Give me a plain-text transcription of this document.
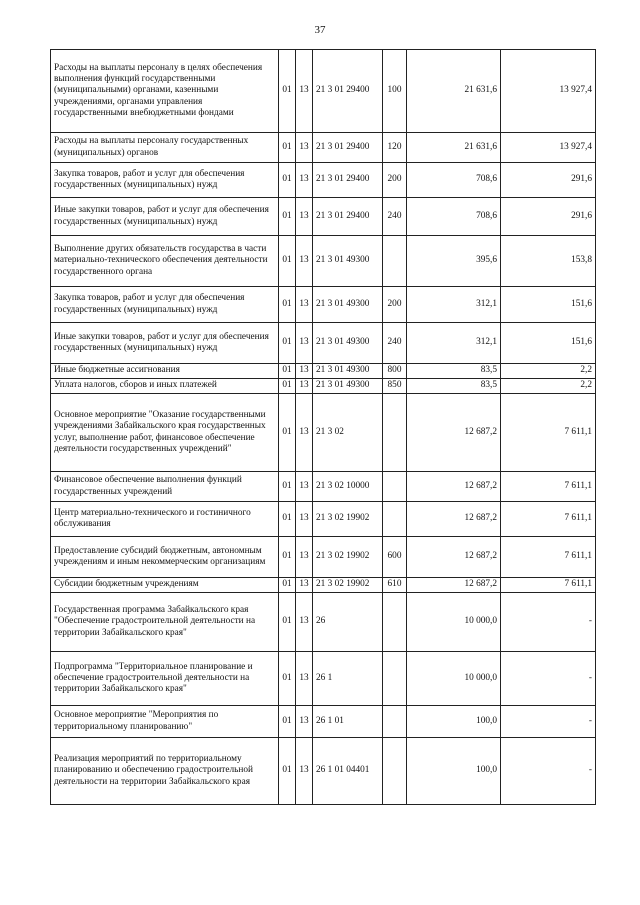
37
Расходы на выплаты персоналу в целях обеспечения выполнения функций государственными (муниципальными) органами, казенными учреждениями, органами управления государственными внебюджетными фондами	01	13	21 3 01 29400	100	21 631,6	13 927,4
Расходы на выплаты персоналу государственных (муниципальных) органов	01	13	21 3 01 29400	120	21 631,6	13 927,4
Закупка товаров, работ и услуг для обеспечения государственных (муниципальных) нужд	01	13	21 3 01 29400	200	708,6	291,6
Иные закупки товаров, работ и услуг для обеспечения государственных (муниципальных) нужд	01	13	21 3 01 29400	240	708,6	291,6
Выполнение других обязательств государства в части материально-технического обеспечения деятельности государственного органа	01	13	21 3 01 49300		395,6	153,8
Закупка товаров, работ и услуг для обеспечения государственных (муниципальных) нужд	01	13	21 3 01 49300	200	312,1	151,6
Иные закупки товаров, работ и услуг для обеспечения государственных (муниципальных) нужд	01	13	21 3 01 49300	240	312,1	151,6
Иные бюджетные ассигнования	01	13	21 3 01 49300	800	83,5	2,2
Уплата налогов, сборов и иных платежей	01	13	21 3 01 49300	850	83,5	2,2
Основное мероприятие "Оказание государственными учреждениями Забайкальского края государственных услуг, выполнение работ, финансовое обеспечение деятельности государственных учреждений"	01	13	21 3 02		12 687,2	7 611,1
Финансовое обеспечение выполнения функций государственных учреждений	01	13	21 3 02 10000		12 687,2	7 611,1
Центр материально-технического и гостиничного обслуживания	01	13	21 3 02 19902		12 687,2	7 611,1
Предоставление субсидий бюджетным, автономным учреждениям и иным некоммерческим организациям	01	13	21 3 02 19902	600	12 687,2	7 611,1
Субсидии бюджетным учреждениям	01	13	21 3 02 19902	610	12 687,2	7 611,1
Государственная программа Забайкальского края "Обеспечение градостроительной деятельности на территории Забайкальского края"	01	13	26		10 000,0	-
Подпрограмма "Территориальное планирование и обеспечение градостроительной деятельности на территории Забайкальского края"	01	13	26 1		10 000,0	-
Основное мероприятие "Мероприятия по территориальному планированию"	01	13	26 1 01		100,0	-
Реализация мероприятий по территориальному планированию и обеспечению градостроительной деятельности на территории Забайкальского края	01	13	26 1 01 04401		100,0	-
